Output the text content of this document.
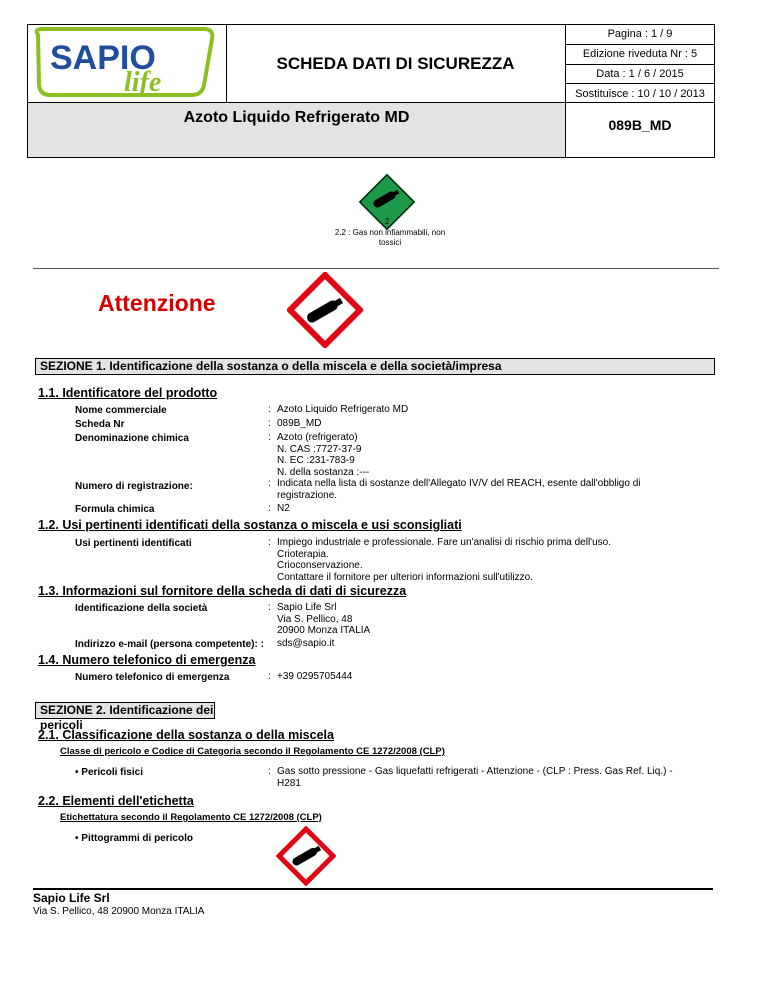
SAPIO
life
SCHEDA DATI DI SICUREZZA
Pagina : 1 / 9
Edizione riveduta Nr : 5
Data : 1 / 6 / 2015
Sostituisce : 10 / 10 / 2013
Azoto Liquido Refrigerato MD	089B_MD
2
2.2 : Gas non infiammabili, non tossici
Attenzione
SEZIONE 1. Identificazione della sostanza o della miscela e della società/impresa
1.1. Identificatore del prodotto
Nome commerciale	: Azoto Liquido Refrigerato MD
Scheda Nr	: 089B_MD
Denominazione chimica	: Azoto (refrigerato)
N. CAS :7727-37-9
N. EC :231-783-9
N. della sostanza :---
Numero di registrazione:	: Indicata nella lista di sostanze dell'Allegato IV/V del REACH, esente dall'obbligo di
registrazione.
Formula chimica	: N2
1.2. Usi pertinenti identificati della sostanza o miscela e usi sconsigliati
Usi pertinenti identificati	: Impiego industriale e professionale. Fare un'analisi di rischio prima dell'uso.
Crioterapia.
Crioconservazione.
Contattare il fornitore per ulteriori informazioni sull'utilizzo.
1.3. Informazioni sul fornitore della scheda di dati di sicurezza
Identificazione della società	: Sapio Life Srl
Via S. Pellico, 48
20900 Monza ITALIA
Indirizzo e-mail (persona competente): : sds@sapio.it
1.4. Numero telefonico di emergenza
Numero telefonico di emergenza	: +39 0295705444
SEZIONE 2. Identificazione dei pericoli
2.1. Classificazione della sostanza o della miscela
Classe di pericolo e Codice di Categoria secondo il Regolamento CE 1272/2008 (CLP)
• Pericoli fisici	: Gas sotto pressione - Gas liquefatti refrigerati - Attenzione - (CLP : Press. Gas Ref. Liq.) -
H281
2.2. Elementi dell'etichetta
Etichettatura secondo il Regolamento CE 1272/2008 (CLP)
• Pittogrammi di pericolo
Sapio Life Srl
Via S. Pellico, 48 20900 Monza ITALIA
